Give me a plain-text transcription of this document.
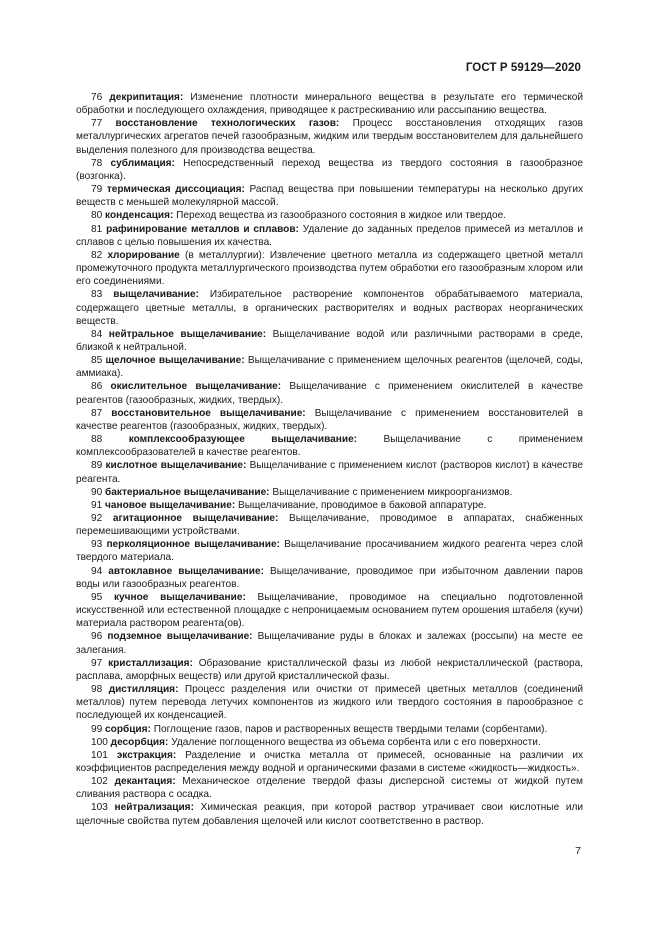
ГОСТ Р 59129—2020

76 декрипитация: Изменение плотности минерального вещества в результате его термической обработки и последующего охлаждения, приводящее к растрескиванию или рассыпанию вещества.

77 восстановление технологических газов: Процесс восстановления отходящих газов металлургических агрегатов печей газообразным, жидким или твердым восстановителем для дальнейшего выделения полезного для производства вещества.

78 сублимация: Непосредственный переход вещества из твердого состояния в газообразное (возгонка).

79 термическая диссоциация: Распад вещества при повышении температуры на несколько других веществ с меньшей молекулярной массой.

80 конденсация: Переход вещества из газообразного состояния в жидкое или твердое.

81 рафинирование металлов и сплавов: Удаление до заданных пределов примесей из металлов и сплавов с целью повышения их качества.

82 хлорирование (в металлургии): Извлечение цветного металла из содержащего цветной металл промежуточного продукта металлургического производства путем обработки его газообразным хлором или его соединениями.

83 выщелачивание: Избирательное растворение компонентов обрабатываемого материала, содержащего цветные металлы, в органических растворителях и водных растворах неорганических веществ.

84 нейтральное выщелачивание: Выщелачивание водой или различными растворами в среде, близкой к нейтральной.

85 щелочное выщелачивание: Выщелачивание с применением щелочных реагентов (щелочей, соды, аммиака).

86 окислительное выщелачивание: Выщелачивание с применением окислителей в качестве реагентов (газообразных, жидких, твердых).

87 восстановительное выщелачивание: Выщелачивание с применением восстановителей в качестве реагентов (газообразных, жидких, твердых).

88	комплексообразующее выщелачивание: Выщелачивание с применением комплексообразователей в качестве реагентов.

89 кислотное выщелачивание: Выщелачивание с применением кислот (растворов кислот) в качестве реагента.

90 бактериальное выщелачивание: Выщелачивание с применением микроорганизмов.

91 чановое выщелачивание: Выщелачивание, проводимое в баковой аппаратуре.

92 агитационное выщелачивание: Выщелачивание, проводимое в аппаратах, снабженных перемешивающими устройствами.

93 перколяционное выщелачивание: Выщелачивание просачиванием жидкого реагента через слой твердого материала.

94 автоклавное выщелачивание: Выщелачивание, проводимое при избыточном давлении паров воды или газообразных реагентов.

95 кучное выщелачивание: Выщелачивание, проводимое на специально подготовленной искусственной или естественной площадке с непроницаемым основанием путем орошения штабеля (кучи) материала раствором реагента(ов).

96 подземное выщелачивание: Выщелачивание руды в блоках и залежах (россыпи) на месте ее залегания.

97 кристаллизация: Образование кристаллической фазы из любой некристаллической (раствора, расплава, аморфных веществ) или другой кристаллической фазы.

98 дистилляция: Процесс разделения или очистки от примесей цветных металлов (соединений металлов) путем перевода летучих компонентов из жидкого или твердого состояния в парообразное с последующей их конденсацией.

99 сорбция: Поглощение газов, паров и растворенных веществ твердыми телами (сорбентами).

100 десорбция: Удаление поглощенного вещества из объема сорбента или с его поверхности.

101 экстракция: Разделение и очистка металла от примесей, основанные на различии их коэффициентов распределения между водной и органическими фазами в системе «жидкость—жидкость».

102 декантация: Механическое отделение твердой фазы дисперсной системы от жидкой путем сливания раствора с осадка.

103 нейтрализация: Химическая реакция, при которой раствор утрачивает свои кислотные или щелочные свойства путем добавления щелочей или кислот соответственно в раствор.

7
